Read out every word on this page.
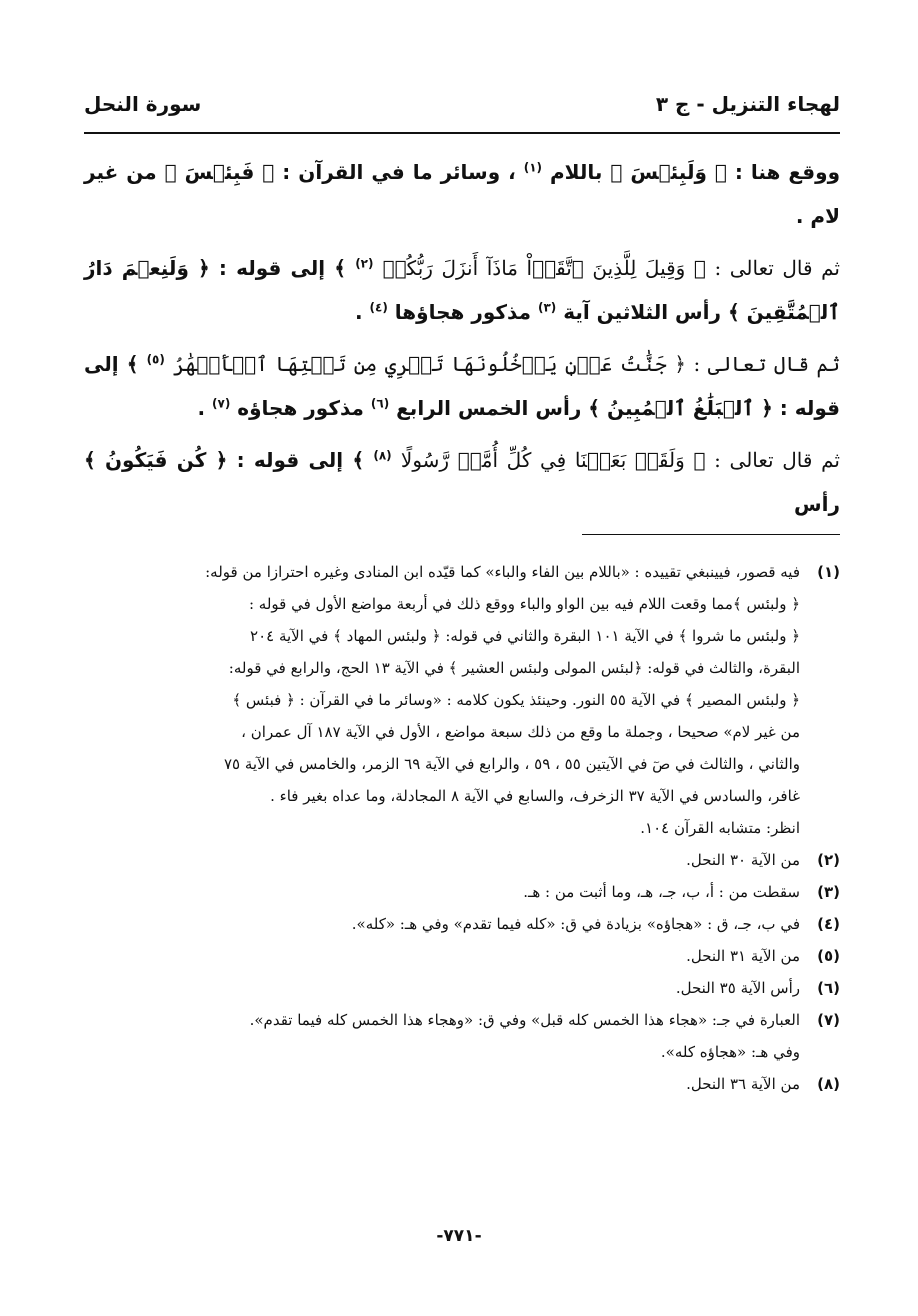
لهجاء التنزيل - ج ٣
سورة النحل

ووقع هنا : ﴿ وَلَبِئۡسَ ﴾ باللام $^{(١)}$ ، وسائر ما في القرآن : ﴿ فَبِئۡسَ ﴾ من غير لام .

ثم قال تعالى : ﴿ وَقِيلَ لِلَّذِينَ ٱتَّقَوۡاْ مَاذَآ أَنزَلَ رَبُّكُمۡ $^{(٢)}$ ﴾ إلى قوله : ﴿ وَلَنِعۡمَ دَارُ ٱلۡمُتَّقِينَ ﴾ رأس الثلاثين آية $^{(٣)}$ مذكور هجاؤها $^{(٤)}$ .

ثم قال تعالى : ﴿ جَنَّٰتُ عَدۡنٖ يَدۡخُلُونَهَا تَجۡرِي مِن تَحۡتِهَا ٱلۡأَنۡهَٰرُ $^{(٥)}$ ﴾ إلى قوله : ﴿ ٱلۡبَلَٰغُ ٱلۡمُبِينُ ﴾ رأس الخمس الرابع $^{(٦)}$ مذكور هجاؤه $^{(٧)}$ .

ثم قال تعالى : ﴿ وَلَقَدۡ بَعَثۡنَا فِي كُلِّ أُمَّةٖ رَّسُولًا $^{(٨)}$ ﴾ إلى قوله : ﴿ كُن فَيَكُونُ ﴾ رأس

(١)
فيه قصور، فيينبغي تقييده : «باللام بين الفاء والباء» كما قيّده ابن المنادى وغيره احترازا من قوله:
﴿ ولبئس ﴾مما وقعت اللام فيه بين الواو والباء ووقع ذلك في أربعة مواضع الأول في قوله :
﴿ ولبئس ما شروا ﴾ في الآية ١٠١ البقرة والثاني في قوله: ﴿ ولبئس المهاد ﴾ في الآية ٢٠٤
البقرة، والثالث في قوله: ﴿لبئس المولى ولبئس العشير ﴾ في الآية ١٣ الحج، والرابع في قوله:
﴿ ولبئس المصير ﴾ في الآية ٥٥ النور. وحينئذ يكون كلامه : «وسائر ما في القرآن : ﴿ فبئس ﴾
من غير لام» صحيحا ، وجملة ما وقع من ذلك سبعة مواضع ، الأول في الآية ١٨٧ آل عمران ،
والثاني ، والثالث في صٓ في الآيتين ٥٥ ، ٥٩ ، والرابع في الآية ٦٩ الزمر، والخامس في الآية ٧٥
غافر، والسادس في الآية ٣٧ الزخرف، والسابع في الآية ٨ المجادلة، وما عداه بغير فاء .
انظر: متشابه القرآن ١٠٤.
(٢)
من الآية ٣٠ النحل.
(٣)
سقطت من : أ، ب، جـ، هـ، وما أثبت من : هـ.
(٤)
في ب، جـ، ق : «هجاؤه» بزيادة في ق: «كله فيما تقدم» وفي هـ: «كله».
(٥)
من الآية ٣١ النحل.
(٦)
رأس الآية ٣٥ النحل.
(٧)
العبارة في جـ: «هجاء هذا الخمس كله قبل» وفي ق: «وهجاء هذا الخمس كله فيما تقدم».
وفي هـ: «هجاؤه كله».
(٨)
من الآية ٣٦ النحل.
-٧٧١-
